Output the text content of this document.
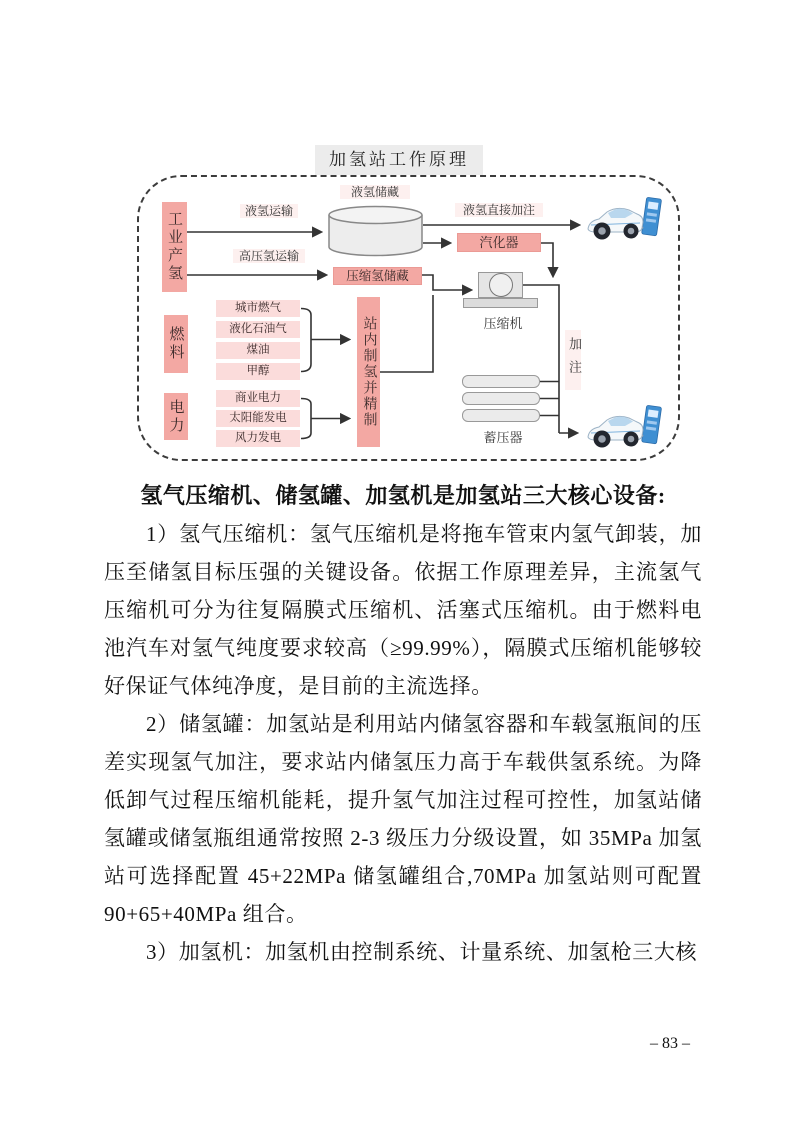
加氢站工作原理
工业产氢
燃料
电力
液氢储藏
液氢运输
高压氢运输
液氢直接加注
压缩氢储藏
汽化器
压缩机
站内制氢并精制
城市燃气
液化石油气
煤油
甲醇
商业电力
太阳能发电
风力发电	蓄压器
加注
氢气压缩机、储氢罐、加氢机是加氢站三大核心设备:

1）氢气压缩机：氢气压缩机是将拖车管束内氢气卸装，加压至储氢目标压强的关键设备。依据工作原理差异，主流氢气压缩机可分为往复隔膜式压缩机、活塞式压缩机。由于燃料电池汽车对氢气纯度要求较高（≥99.99%），隔膜式压缩机能够较好保证气体纯净度，是目前的主流选择。

2）储氢罐：加氢站是利用站内储氢容器和车载氢瓶间的压差实现氢气加注，要求站内储氢压力高于车载供氢系统。为降低卸气过程压缩机能耗，提升氢气加注过程可控性，加氢站储氢罐或储氢瓶组通常按照 2-3 级压力分级设置，如 35MPa 加氢站可选择配置 45+22MPa 储氢罐组合,70MPa 加氢站则可配置 90+65+40MPa 组合。

3）加氢机：加氢机由控制系统、计量系统、加氢枪三大核

– 83 –
